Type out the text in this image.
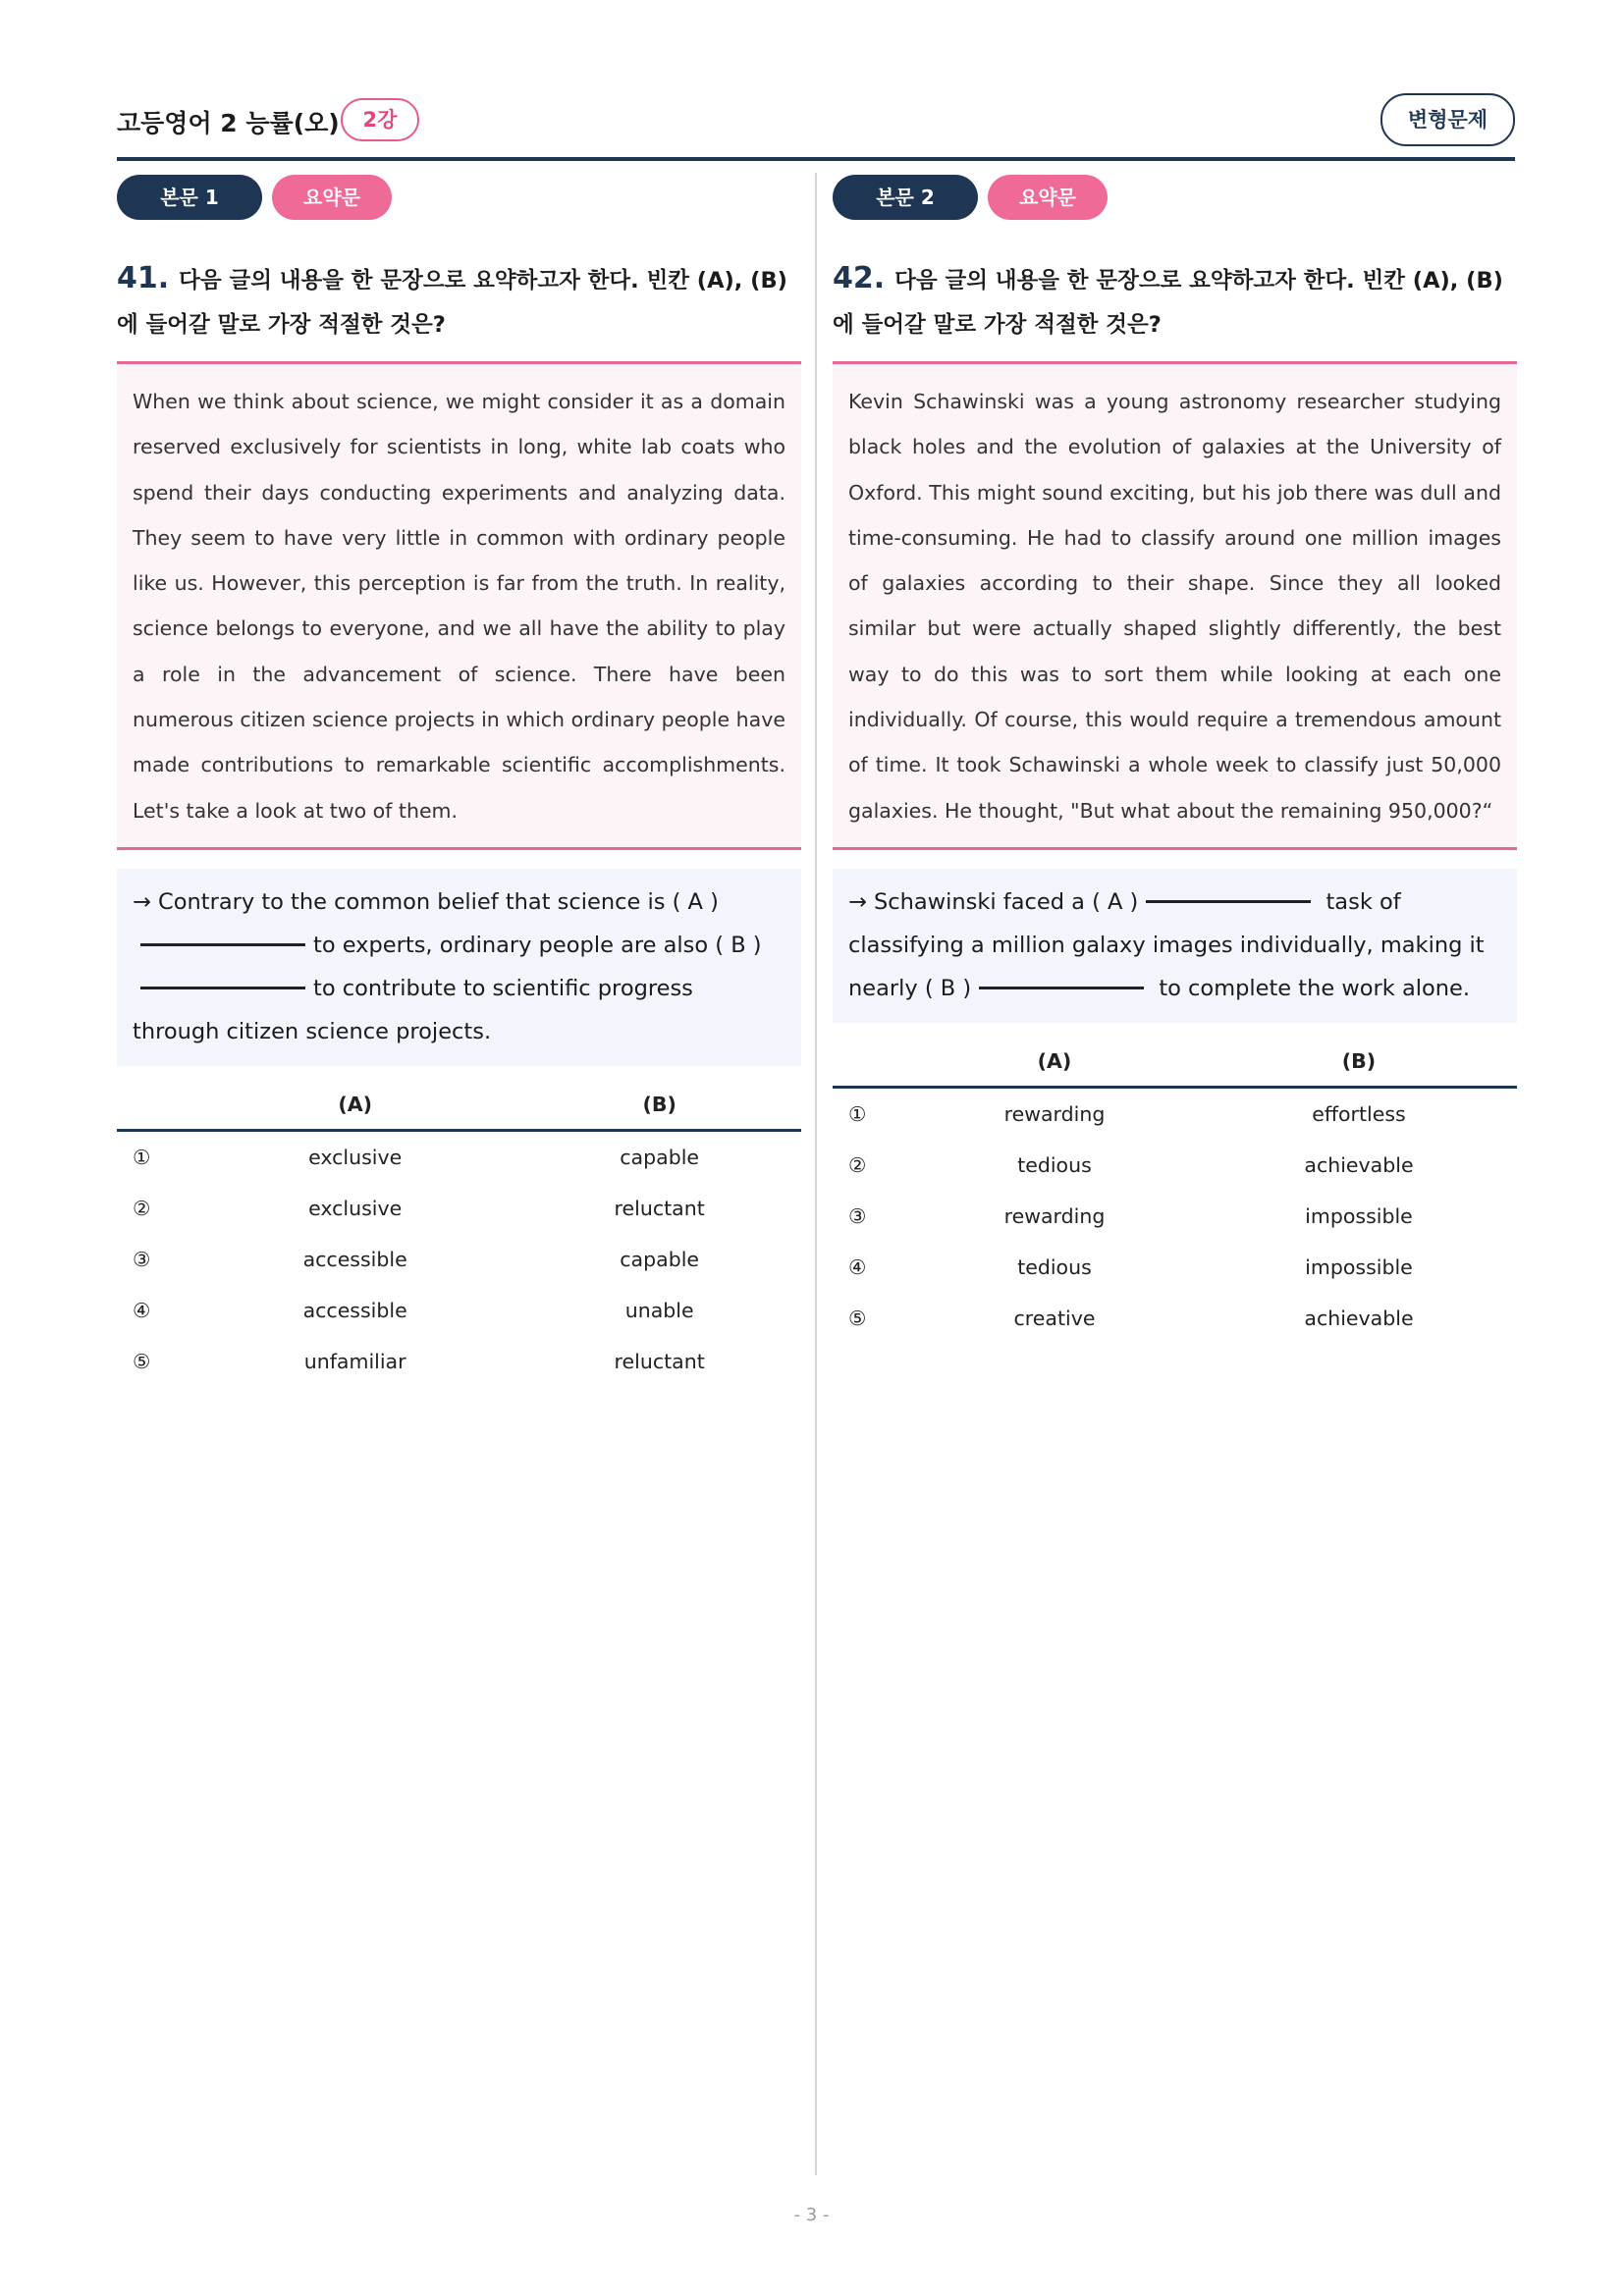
고등영어 2 능률(오)	2강	변형문제
본문 1	요약문
41. 다음 글의 내용을 한 문장으로 요약하고자 한다. 빈칸 (A), (B)에 들어갈 말로 가장 적절한 것은?
When we think about science, we might consider it as a domain reserved exclusively for scientists in long, white lab coats who spend their days conducting experiments and analyzing data. They seem to have very little in common with ordinary people like us. However, this perception is far from the truth. In reality, science belongs to everyone, and we all have the ability to play a role in the advancement of science. There have been numerous citizen science projects in which ordinary people have made contributions to remarkable scientific accomplishments. Let's take a look at two of them.
→ Contrary to the common belief that science is ( A )
to experts, ordinary people are also ( B )
to contribute to scientific progress through citizen science projects.
	(A)	(B)
①	exclusive	capable
②	exclusive	reluctant
③	accessible	capable
④	accessible	unable
⑤	unfamiliar	reluctant
본문 2	요약문
42. 다음 글의 내용을 한 문장으로 요약하고자 한다. 빈칸 (A), (B)에 들어갈 말로 가장 적절한 것은?
Kevin Schawinski was a young astronomy researcher studying black holes and the evolution of galaxies at the University of Oxford. This might sound exciting, but his job there was dull and time-consuming. He had to classify around one million images of galaxies according to their shape. Since they all looked similar but were actually shaped slightly differently, the best way to do this was to sort them while looking at each one individually. Of course, this would require a tremendous amount of time. It took Schawinski a whole week to classify just 50,000 galaxies. He thought, "But what about the remaining 950,000?“
→ Schawinski faced a ( A )	task of classifying a million galaxy images individually, making it nearly ( B )	to complete the work alone.
	(A)	(B)
①	rewarding	effortless
②	tedious	achievable
③	rewarding	impossible
④	tedious	impossible
⑤	creative	achievable
- 3 -
